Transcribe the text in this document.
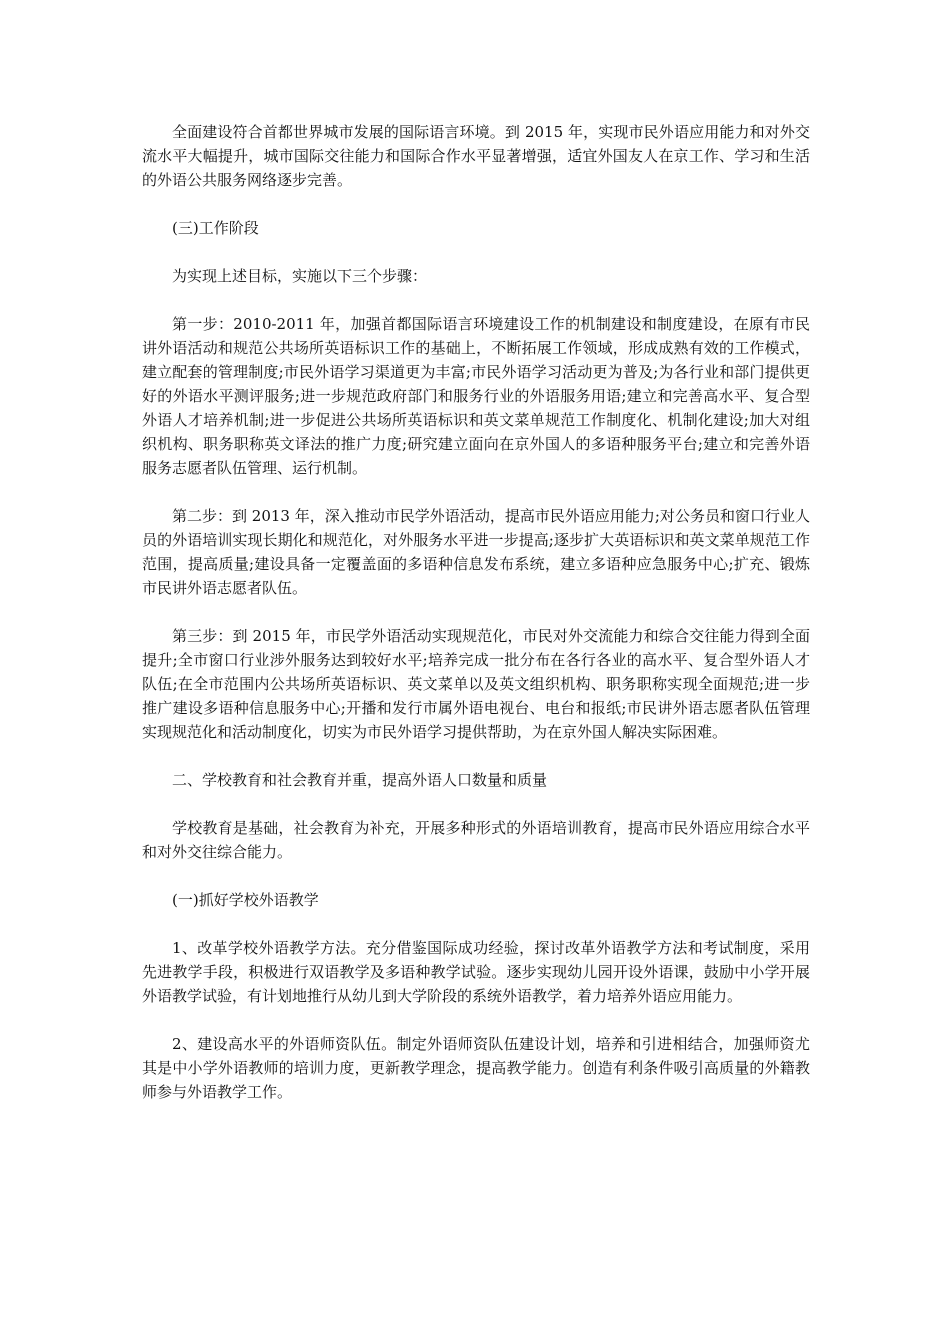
全面建设符合首都世界城市发展的国际语言环境。到 2015 年，实现市民外语应用能力和对外交流水平大幅提升，城市国际交往能力和国际合作水平显著增强，适宜外国友人在京工作、学习和生活的外语公共服务网络逐步完善。

(三)工作阶段

为实现上述目标，实施以下三个步骤：

第一步：2010-2011 年，加强首都国际语言环境建设工作的机制建设和制度建设，在原有市民讲外语活动和规范公共场所英语标识工作的基础上，不断拓展工作领域，形成成熟有效的工作模式，建立配套的管理制度;市民外语学习渠道更为丰富;市民外语学习活动更为普及;为各行业和部门提供更好的外语水平测评服务;进一步规范政府部门和服务行业的外语服务用语;建立和完善高水平、复合型外语人才培养机制;进一步促进公共场所英语标识和英文菜单规范工作制度化、机制化建设;加大对组织机构、职务职称英文译法的推广力度;研究建立面向在京外国人的多语种服务平台;建立和完善外语服务志愿者队伍管理、运行机制。

第二步：到 2013 年，深入推动市民学外语活动，提高市民外语应用能力;对公务员和窗口行业人员的外语培训实现长期化和规范化，对外服务水平进一步提高;逐步扩大英语标识和英文菜单规范工作范围，提高质量;建设具备一定覆盖面的多语种信息发布系统，建立多语种应急服务中心;扩充、锻炼市民讲外语志愿者队伍。

第三步：到 2015 年，市民学外语活动实现规范化，市民对外交流能力和综合交往能力得到全面提升;全市窗口行业涉外服务达到较好水平;培养完成一批分布在各行各业的高水平、复合型外语人才队伍;在全市范围内公共场所英语标识、英文菜单以及英文组织机构、职务职称实现全面规范;进一步推广建设多语种信息服务中心;开播和发行市属外语电视台、电台和报纸;市民讲外语志愿者队伍管理实现规范化和活动制度化，切实为市民外语学习提供帮助，为在京外国人解决实际困难。

二、学校教育和社会教育并重，提高外语人口数量和质量

学校教育是基础，社会教育为补充，开展多种形式的外语培训教育，提高市民外语应用综合水平和对外交往综合能力。

(一)抓好学校外语教学

1、改革学校外语教学方法。充分借鉴国际成功经验，探讨改革外语教学方法和考试制度，采用先进教学手段，积极进行双语教学及多语种教学试验。逐步实现幼儿园开设外语课，鼓励中小学开展外语教学试验，有计划地推行从幼儿到大学阶段的系统外语教学，着力培养外语应用能力。

2、建设高水平的外语师资队伍。制定外语师资队伍建设计划，培养和引进相结合，加强师资尤其是中小学外语教师的培训力度，更新教学理念，提高教学能力。创造有利条件吸引高质量的外籍教师参与外语教学工作。
